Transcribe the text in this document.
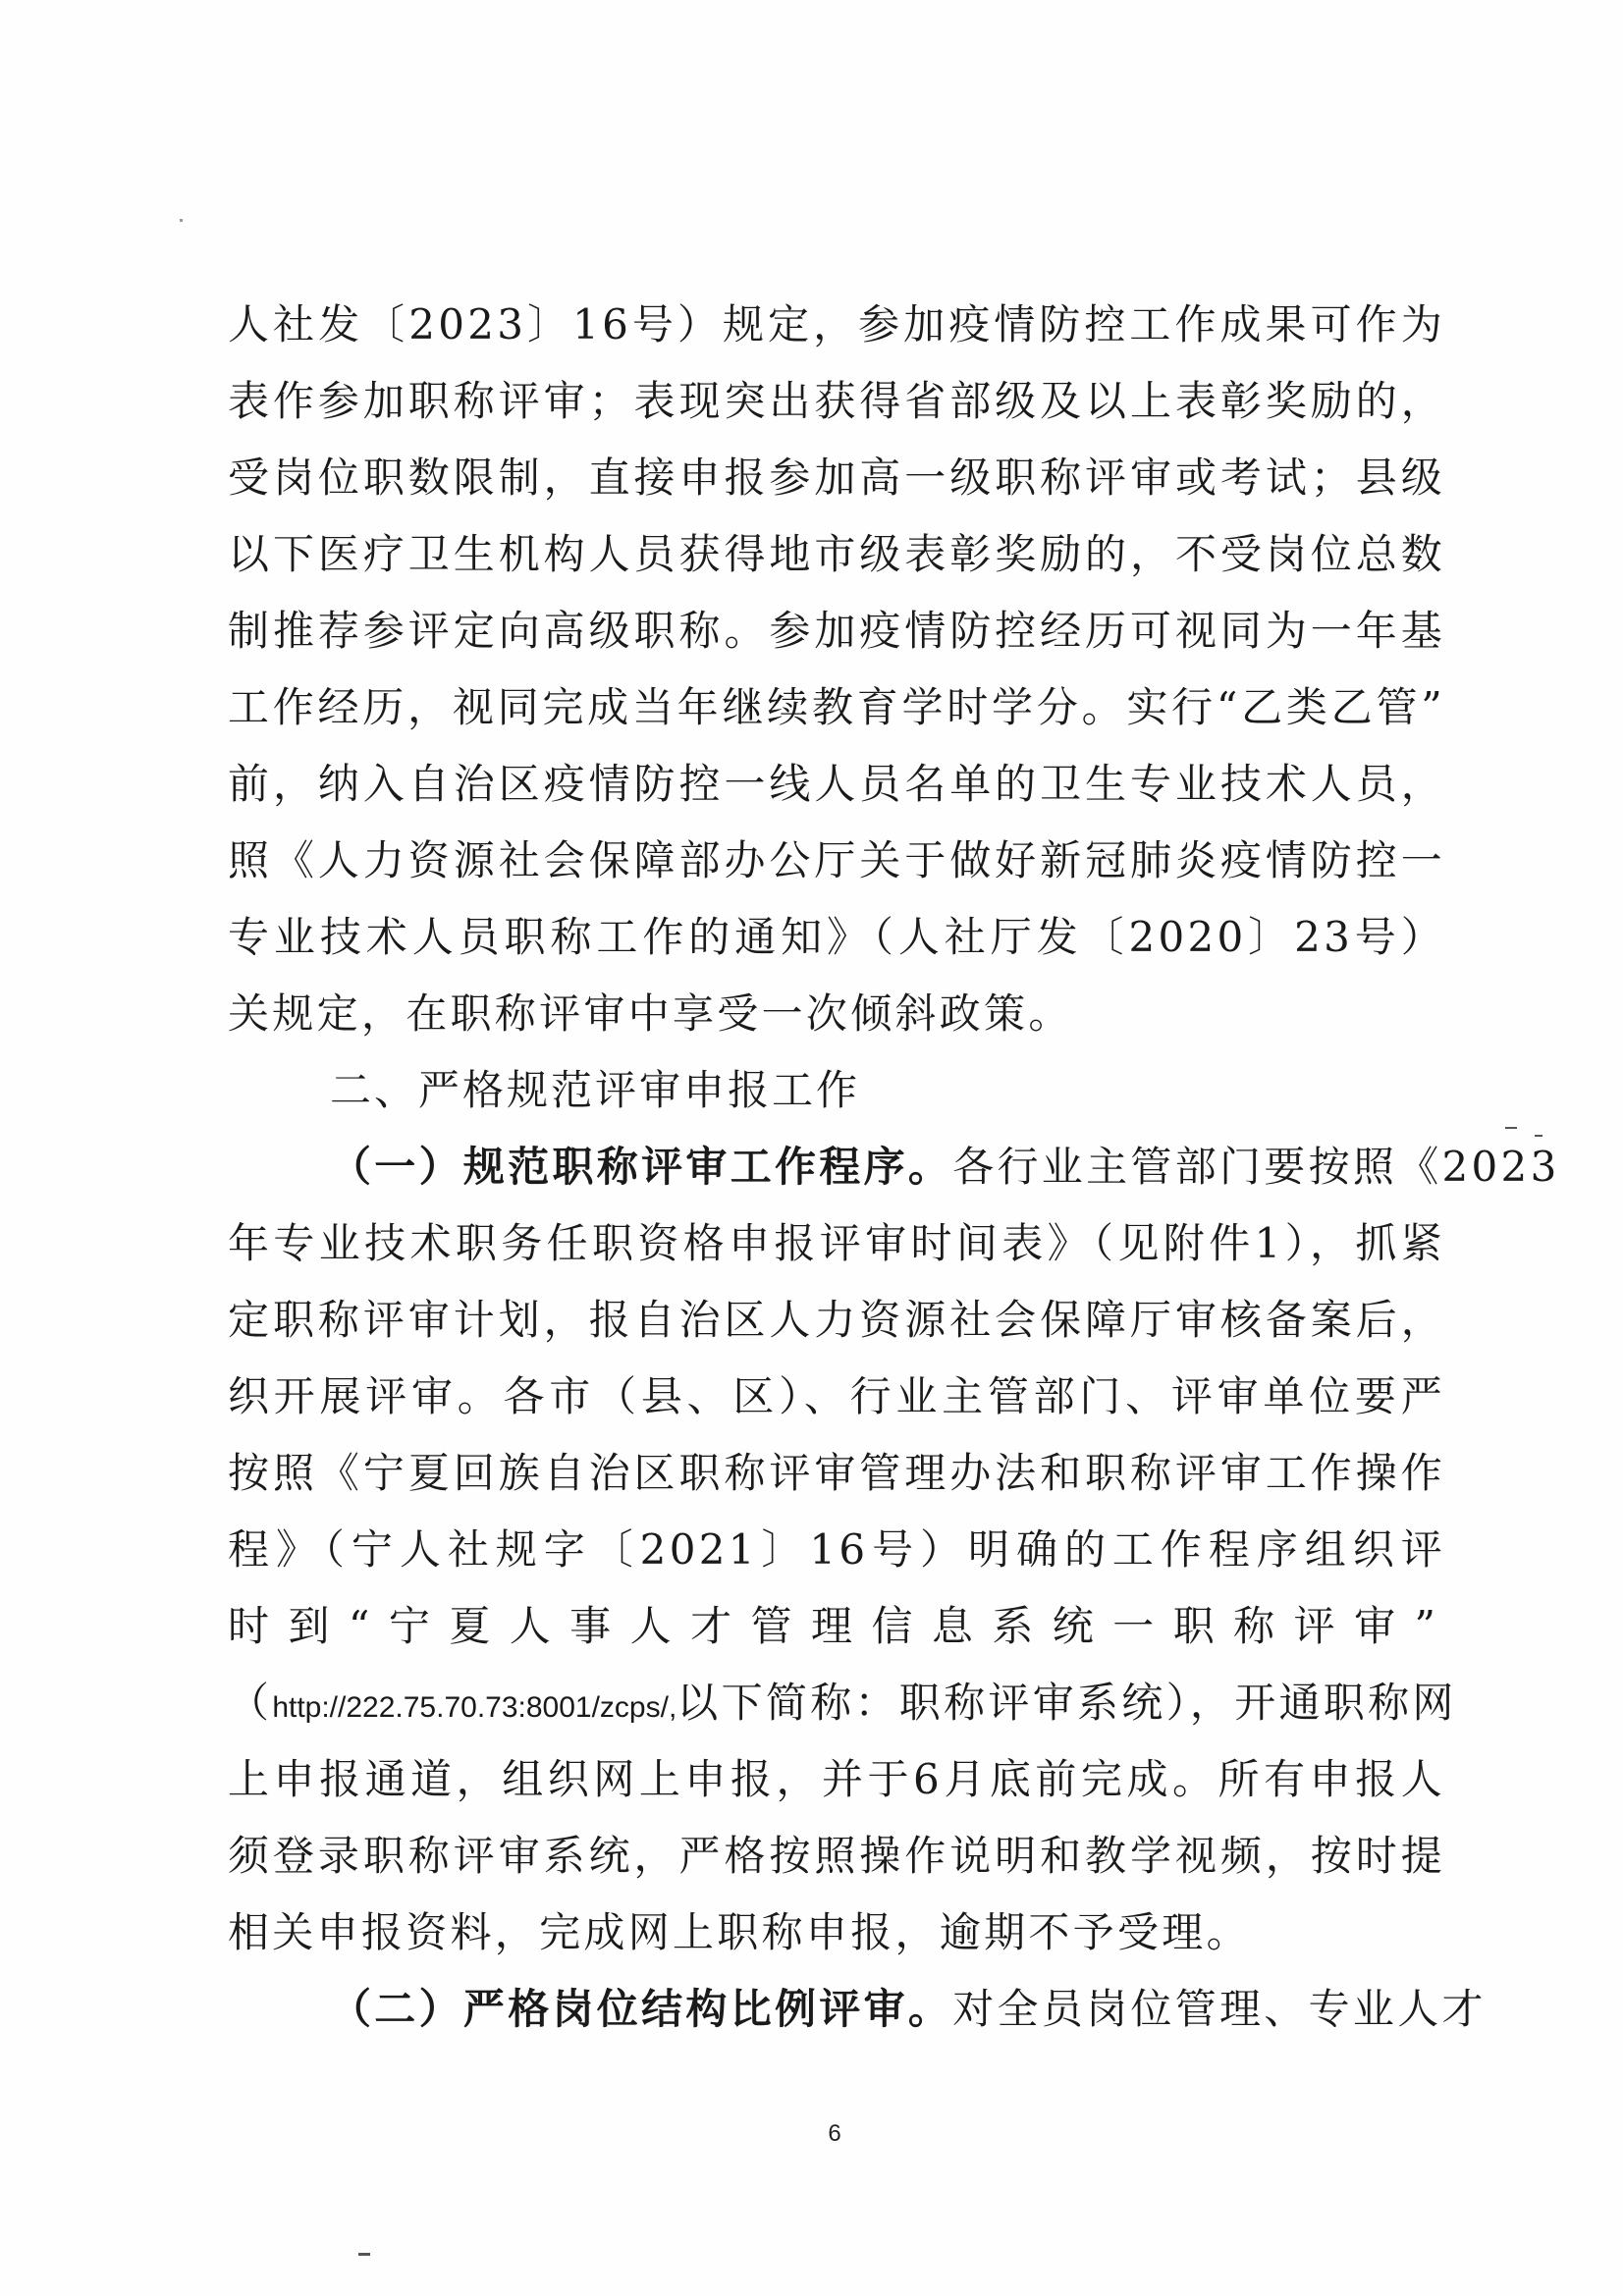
人社发〔2023〕16号）规定，参加疫情防控工作成果可作为
表作参加职称评审；表现突出获得省部级及以上表彰奖励的，
受岗位职数限制，直接申报参加高一级职称评审或考试；县级
以下医疗卫生机构人员获得地市级表彰奖励的，不受岗位总数
制推荐参评定向高级职称。参加疫情防控经历可视同为一年基
工作经历，视同完成当年继续教育学时学分。实行“乙类乙管”
前，纳入自治区疫情防控一线人员名单的卫生专业技术人员，
照《人力资源社会保障部办公厅关于做好新冠肺炎疫情防控一
专业技术人员职称工作的通知》（人社厅发〔2020〕23号）
关规定，在职称评审中享受一次倾斜政策。
二、严格规范评审申报工作
（一）规范职称评审工作程序。各行业主管部门要按照《2023
年专业技术职务任职资格申报评审时间表》（见附件1），抓紧
定职称评审计划，报自治区人力资源社会保障厅审核备案后，
织开展评审。各市（县、区）、行业主管部门、评审单位要严
按照《宁夏回族自治区职称评审管理办法和职称评审工作操作
程》（宁人社规字〔2021〕16号）明确的工作程序组织评
时到“宁夏人事人才管理信息系统一职称评审”
（http://222.75.70.73:8001/zcps/,以下简称：职称评审系统），开通职称网
上申报通道，组织网上申报，并于6月底前完成。所有申报人
须登录职称评审系统，严格按照操作说明和教学视频，按时提
相关申报资料，完成网上职称申报，逾期不予受理。
（二）严格岗位结构比例评审。对全员岗位管理、专业人才
6
